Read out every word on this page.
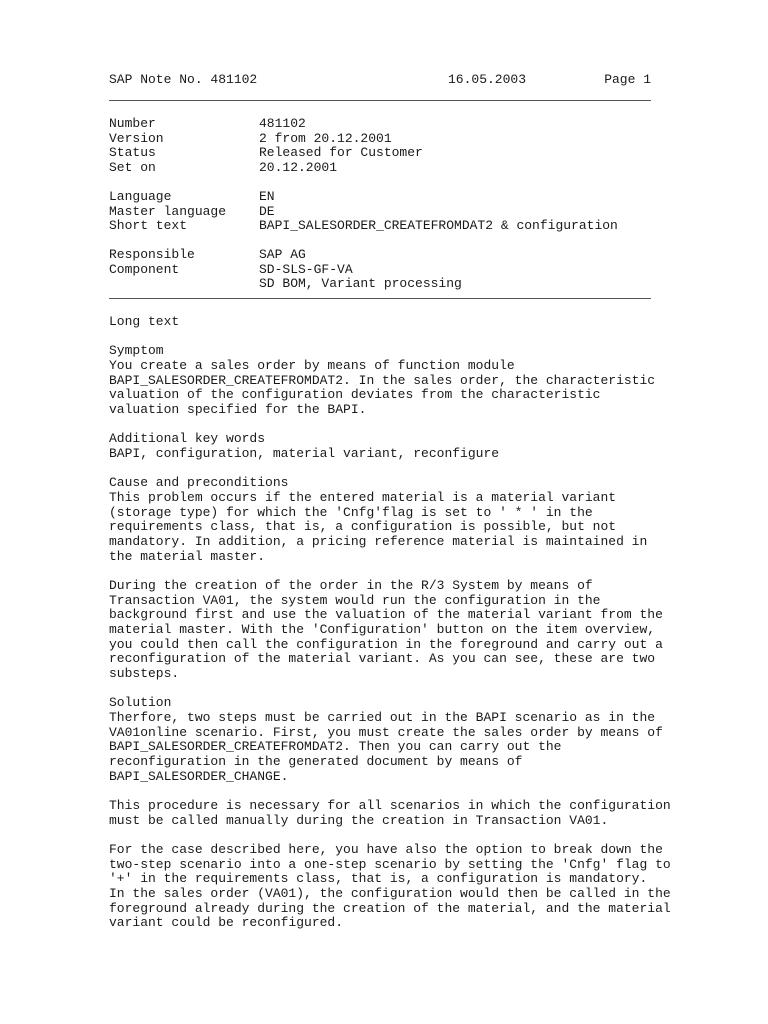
SAP Note No. 481102

	16.05.2003

	Page 1

Number	481102
Version	2 from 20.12.2001
Status	Released for Customer
Set on	20.12.2001
Language	EN
Master language	DE
Short text	BAPI_SALESORDER_CREATEFROMDAT2 & configuration
Responsible	SAP AG
Component	SD-SLS-GF-VA
SD BOM, Variant processing
Long text
Symptom
You create a sales order by means of function module
BAPI_SALESORDER_CREATEFROMDAT2. In the sales order, the characteristic
valuation of the configuration deviates from the characteristic
valuation specified for the BAPI.
Additional key words
BAPI, configuration, material variant, reconfigure
Cause and preconditions
This problem occurs if the entered material is a material variant
(storage type) for which the 'Cnfg'flag is set to ' * ' in the
requirements class, that is, a configuration is possible, but not
mandatory. In addition, a pricing reference material is maintained in
the material master.
During the creation of the order in the R/3 System by means of
Transaction VA01, the system would run the configuration in the
background first and use the valuation of the material variant from the
material master. With the 'Configuration' button on the item overview,
you could then call the configuration in the foreground and carry out a
reconfiguration of the material variant. As you can see, these are two
substeps.
Solution
Therfore, two steps must be carried out in the BAPI scenario as in the
VA01online scenario. First, you must create the sales order by means of
BAPI_SALESORDER_CREATEFROMDAT2. Then you can carry out the
reconfiguration in the generated document by means of
BAPI_SALESORDER_CHANGE.
This procedure is necessary for all scenarios in which the configuration
must be called manually during the creation in Transaction VA01.
For the case described here, you have also the option to break down the
two-step scenario into a one-step scenario by setting the 'Cnfg' flag to
'+' in the requirements class, that is, a configuration is mandatory.
In the sales order (VA01), the configuration would then be called in the
foreground already during the creation of the material, and the material
variant could be reconfigured.
